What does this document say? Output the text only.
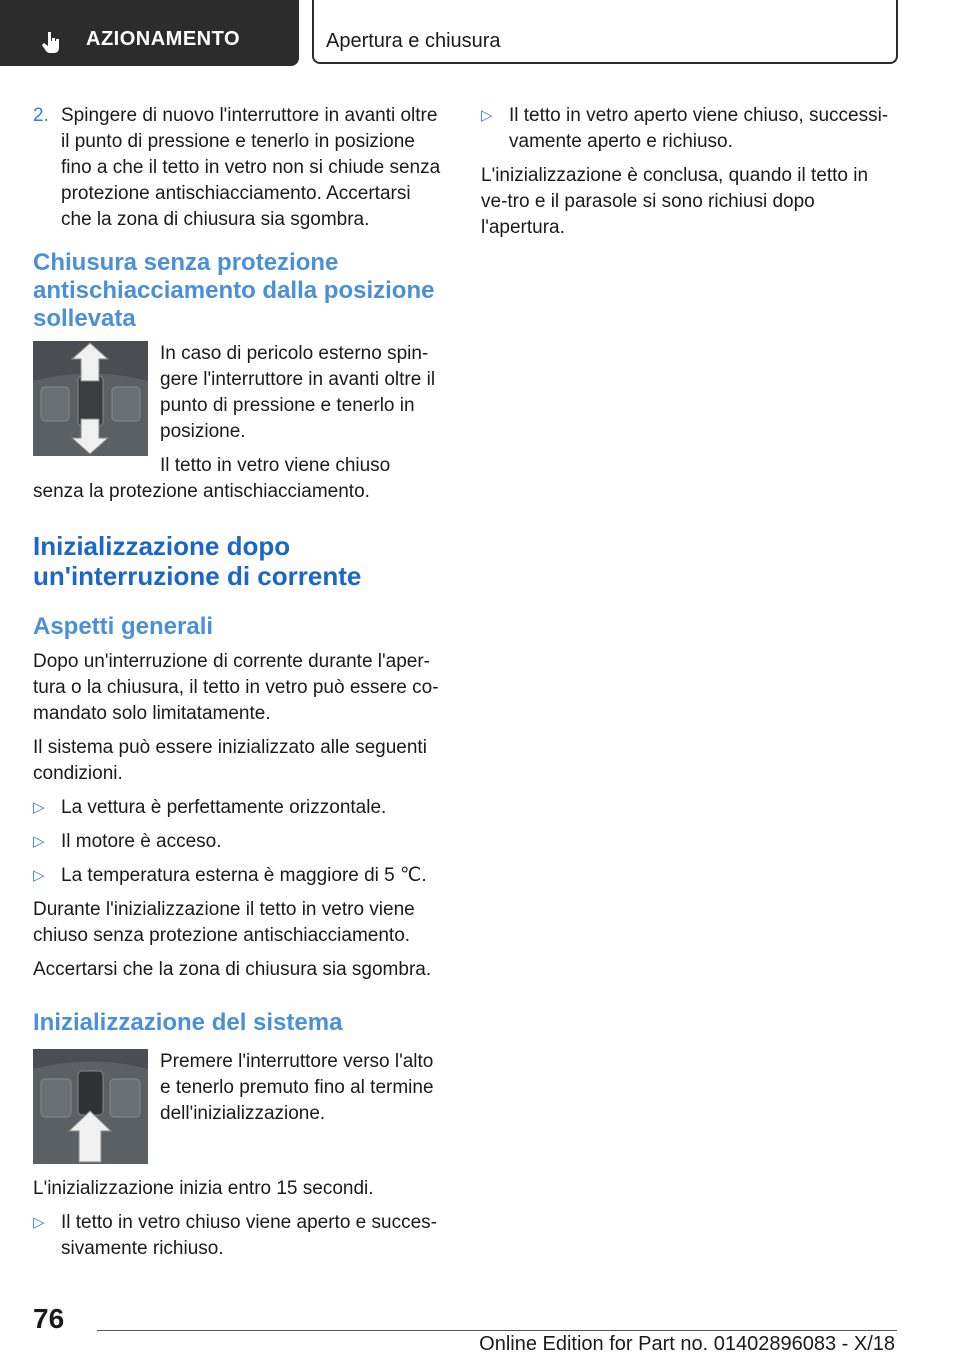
AZIONAMENTO	Apertura e chiusura
2. Spingere di nuovo l'interruttore in avanti oltre il punto di pressione e tenerlo in posizione fino a che il tetto in vetro non si chiude senza protezione antischiacciamento. Accertarsi che la zona di chiusura sia sgombra.
Chiusura senza protezione antischiacciamento dalla posizione sollevata

In caso di pericolo esterno spin-gere l'interruttore in avanti oltre il punto di pressione e tenerlo in posizione.

Il tetto in vetro viene chiuso senza la protezione antischiacciamento.

Inizializzazione dopo un'interruzione di corrente
Aspetti generali

Dopo un'interruzione di corrente durante l'aper-tura o la chiusura, il tetto in vetro può essere co-mandato solo limitatamente.

Il sistema può essere inizializzato alle seguenti condizioni.

▷ La vettura è perfettamente orizzontale.
▷ Il motore è acceso.
▷ La temperatura esterna è maggiore di 5 ℃.

Durante l'inizializzazione il tetto in vetro viene chiuso senza protezione antischiacciamento.

Accertarsi che la zona di chiusura sia sgombra.

Inizializzazione del sistema

Premere l'interruttore verso l'alto e tenerlo premuto fino al termine dell'inizializzazione.

L'inizializzazione inizia entro 15 secondi.

▷ Il tetto in vetro chiuso viene aperto e succes-sivamente richiuso.
▷ Il tetto in vetro aperto viene chiuso, successi-vamente aperto e richiuso.

L'inizializzazione è conclusa, quando il tetto in ve-tro e il parasole si sono richiusi dopo l'apertura.

76
Online Edition for Part no. 01402896083 - X/18
